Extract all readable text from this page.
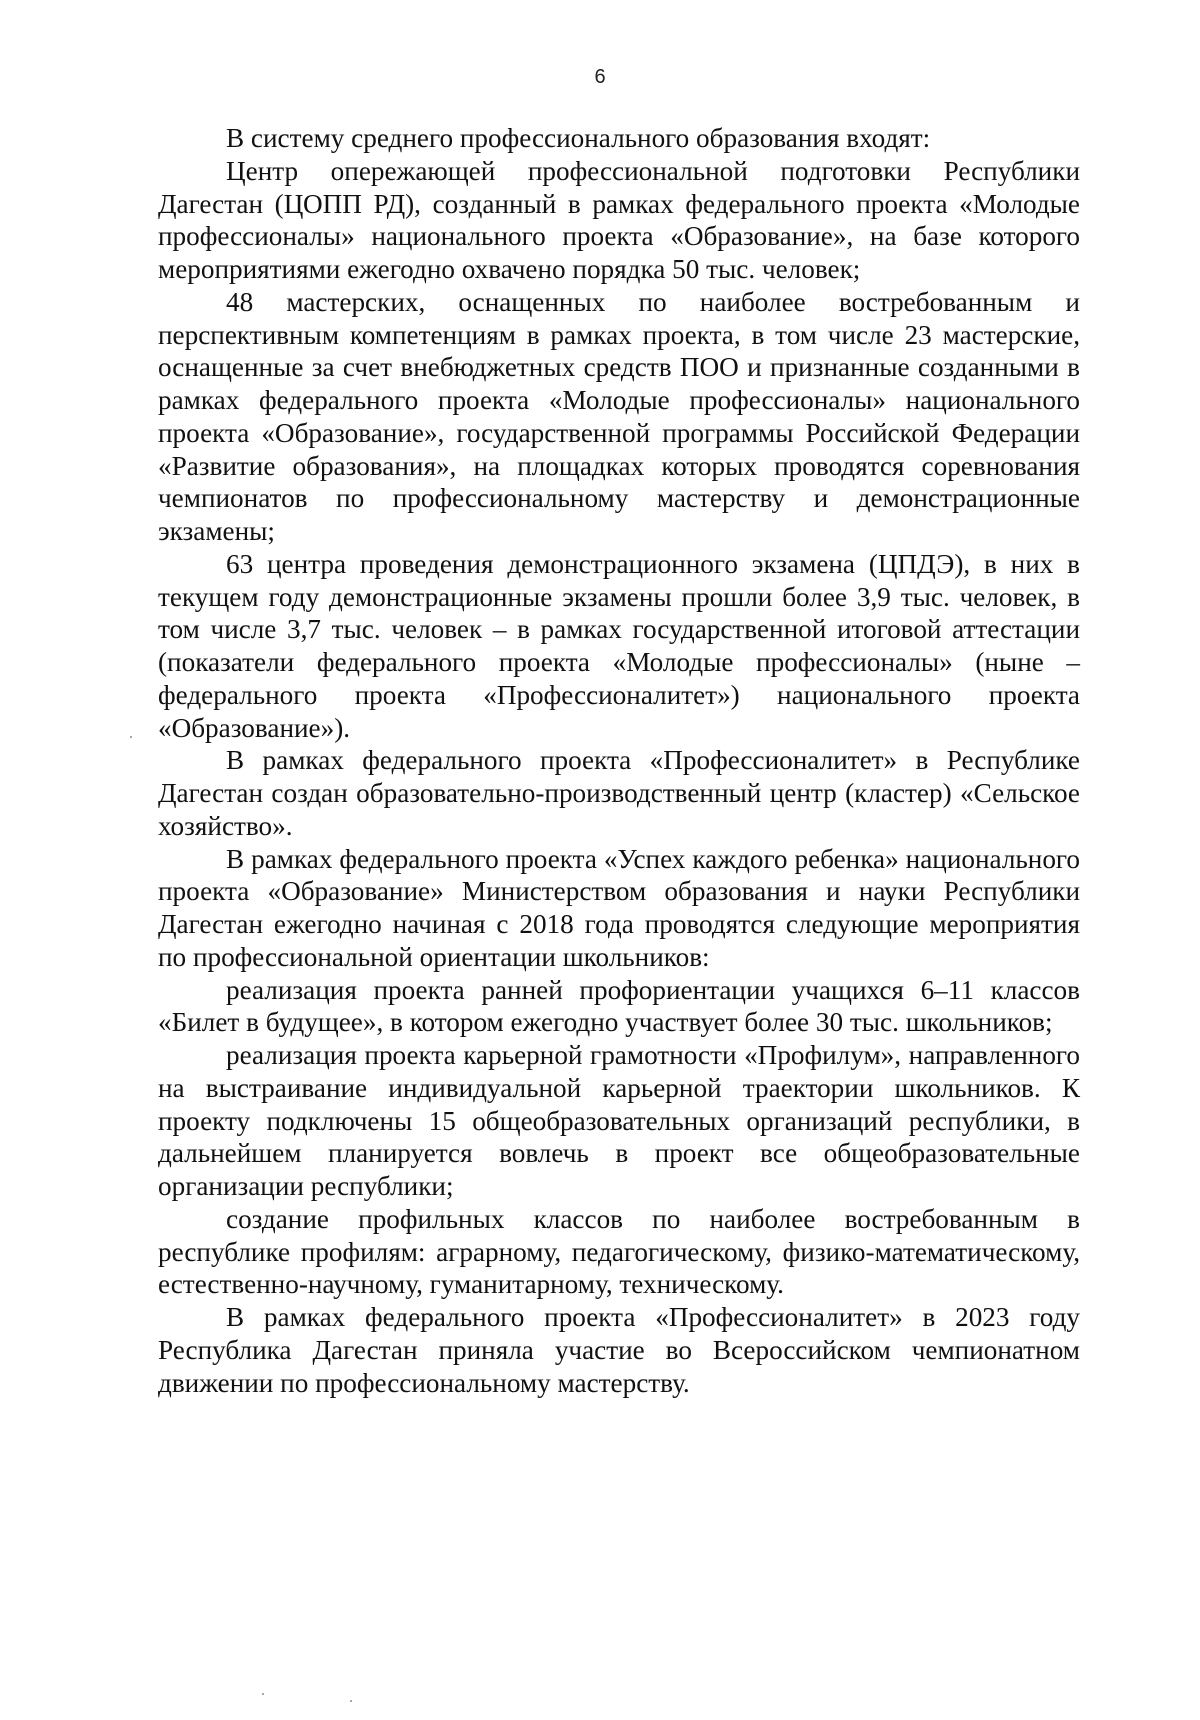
6

В систему среднего профессионального образования входят:

Центр опережающей профессиональной подготовки Республики Дагестан (ЦОПП РД), созданный в рамках федерального проекта «Молодые профессионалы» национального проекта «Образование», на базе которого мероприятиями ежегодно охвачено порядка 50 тыс. человек;

48 мастерских, оснащенных по наиболее востребованным и перспективным компетенциям в рамках проекта, в том числе 23 мастерские, оснащенные за счет внебюджетных средств ПОО и признанные созданными в рамках федерального проекта «Молодые профессионалы» национального проекта «Образование», государственной программы Российской Федерации «Развитие образования», на площадках которых проводятся соревнования чемпионатов по профессиональному мастерству и демонстрационные экзамены;

63 центра проведения демонстрационного экзамена (ЦПДЭ), в них в текущем году демонстрационные экзамены прошли более 3,9 тыс. человек, в том числе 3,7 тыс. человек – в рамках государственной итоговой аттестации (показатели федерального проекта «Молодые профессионалы» (ныне – федерального проекта «Профессионалитет») национального проекта «Образование»).

В рамках федерального проекта «Профессионалитет» в Республике Дагестан создан образовательно-производственный центр (кластер) «Сельское хозяйство».

В рамках федерального проекта «Успех каждого ребенка» национального проекта «Образование» Министерством образования и науки Республики Дагестан ежегодно начиная с 2018 года проводятся следующие мероприятия по профессиональной ориентации школьников:

реализация проекта ранней профориентации учащихся 6–11 классов «Билет в будущее», в котором ежегодно участвует более 30 тыс. школьников;

реализация проекта карьерной грамотности «Профилум», направленного на выстраивание индивидуальной карьерной траектории школьников. К проекту подключены 15 общеобразовательных организаций республики, в дальнейшем планируется вовлечь в проект все общеобразовательные организации республики;

создание профильных классов по наиболее востребованным в республике профилям: аграрному, педагогическому, физико-математическому, естественно-научному, гуманитарному, техническому.

В рамках федерального проекта «Профессионалитет» в 2023 году Республика Дагестан приняла участие во Всероссийском чемпионатном движении по профессиональному мастерству.
